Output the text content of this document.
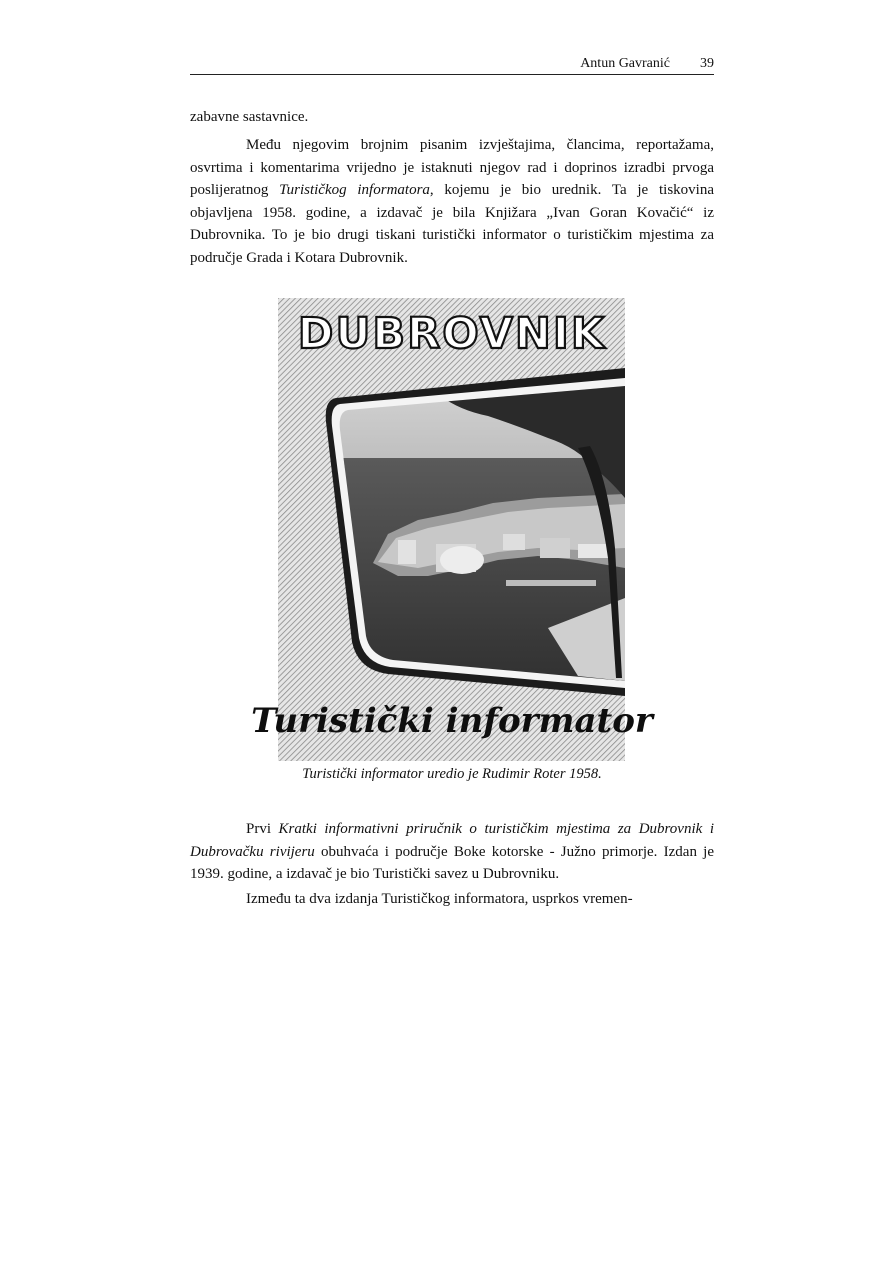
Antun Gavranić 39

zabavne sastavnice.

Među njegovim brojnim pisanim izvještajima, člancima, reportažama, osvrtima i komentarima vrijedno je istaknuti njegov rad i doprinos izradbi prvoga poslijeratnog Turističkog informatora, kojemu je bio urednik. Ta je tiskovina objavljena 1958. godine, a izdavač je bila Knjižara „Ivan Goran Kovačić“ iz Dubrovnika. To je bio drugi tiskani turistički informator o turističkim mjestima za područje Grada i Kotara Dubrovnik.

DUBROVNIK
Turistički informator
Turistički informator uredio je Rudimir Roter 1958.

Prvi Kratki informativni priručnik o turističkim mjestima za Dubrovnik i Dubrovačku rivijeru obuhvaća i područje Boke kotorske - Južno primorje. Izdan je 1939. godine, a izdavač je bio Turistički savez u Dubrovniku.

Između ta dva izdanja Turističkog informatora, usprkos vremen-
